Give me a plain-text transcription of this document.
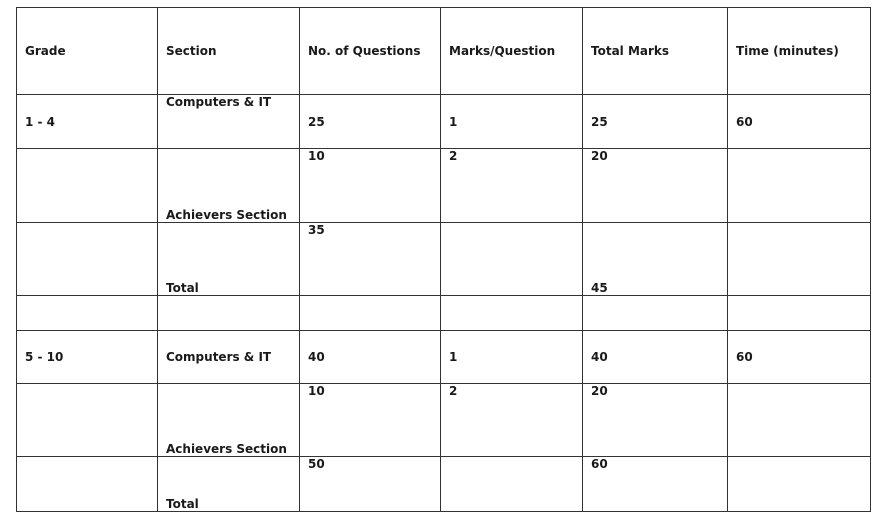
Grade	Section	No. of Questions	Marks/Question	Total Marks	Time (minutes)
1 - 4	Computers & IT	25	1	25	60
	Achievers Section	10	2	20	
	Total	35		45	

5 - 10	Computers & IT	40	1	40	60
	Achievers Section	10	2	20	
	Total	50		60	
